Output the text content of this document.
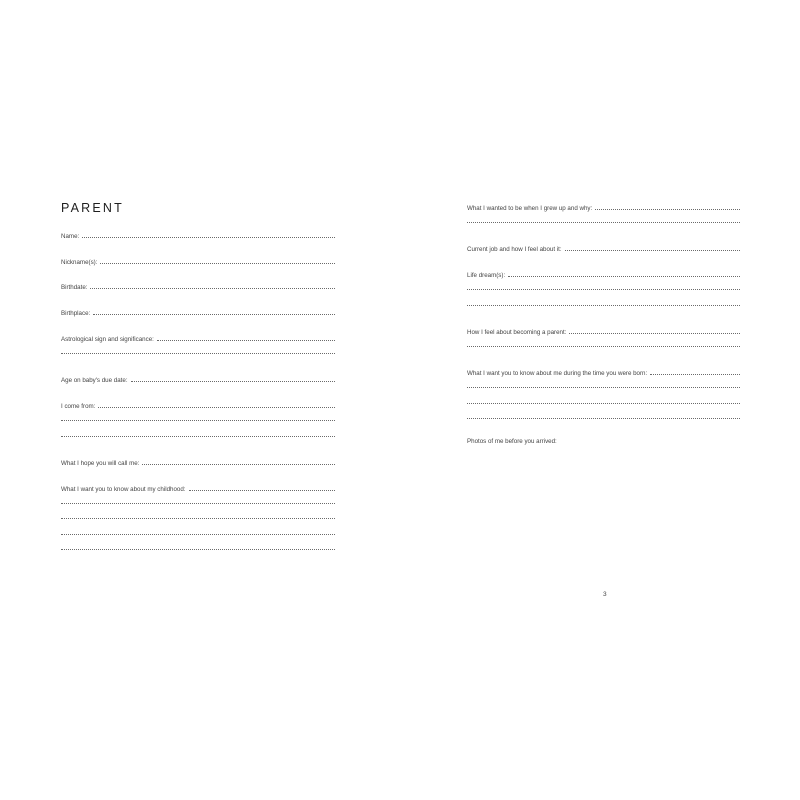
PARENT
Name:
Nickname(s):
Birthdate:
Birthplace:
Astrological sign and significance:
Age on baby's due date:
I come from:
What I hope you will call me:
What I want you to know about my childhood:
What I wanted to be when I grew up and why:
Current job and how I feel about it:
Life dream(s):
How I feel about becoming a parent:
What I want you to know about me during the time you were born:
Photos of me before you arrived:
3
